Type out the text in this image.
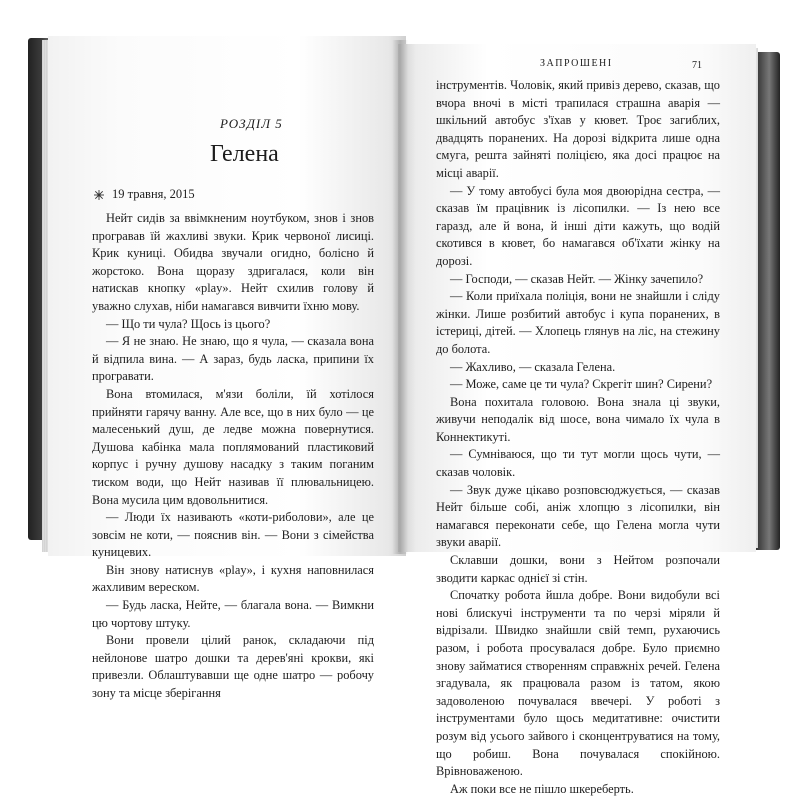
РОЗДІЛ 5
Гелена
19 травня, 2015

Нейт сидів за ввімкненим ноутбуком, знов і знов програвав їй жахливі звуки. Крик червоної лисиці. Крик куниці. Обидва звучали огидно, болісно й жорстоко. Вона щоразу здригалася, коли він натискав кнопку «play». Нейт схилив голову й уважно слухав, ніби намагався вивчити їхню мову.

— Що ти чула? Щось із цього?

— Я не знаю. Не знаю, що я чула, — сказала вона й відпила вина. — А зараз, будь ласка, припини їх програвати.

Вона втомилася, м'язи боліли, їй хотілося прийняти гарячу ванну. Але все, що в них було — це малесенький душ, де ледве можна повернутися. Душова кабінка мала поплямований пластиковий корпус і ручну душову насадку з таким поганим тиском води, що Нейт називав її плювальницею. Вона мусила цим вдовольнитися.

— Люди їх називають «коти-риболови», але це зовсім не коти, — пояснив він. — Вони з сімейства куницевих.

Він знову натиснув «play», і кухня наповнилася жахливим вереском.

— Будь ласка, Нейте, — благала вона. — Вимкни цю чортову штуку.

Вони провели цілий ранок, складаючи під нейлонове шатро дошки та дерев'яні крокви, які привезли. Облаштувавши ще одне шатро — робочу зону та місце зберігання

ЗАПРОШЕНІ	71

інструментів. Чоловік, який привіз дерево, сказав, що вчора вночі в місті трапилася страшна аварія — шкільний автобус з'їхав у кювет. Троє загиблих, двадцять поранених. На дорозі відкрита лише одна смуга, решта зайняті поліцією, яка досі працює на місці аварії.

— У тому автобусі була моя двоюрідна сестра, — сказав їм працівник із лісопилки. — Із нею все гаразд, але й вона, й інші діти кажуть, що водій скотився в кювет, бо намагався об'їхати жінку на дорозі.

— Господи, — сказав Нейт. — Жінку зачепило?

— Коли приїхала поліція, вони не знайшли і сліду жінки. Лише розбитий автобус і купа поранених, в істериці, дітей. — Хлопець глянув на ліс, на стежину до болота.

— Жахливо, — сказала Гелена.

— Може, саме це ти чула? Скрегіт шин? Сирени?

Вона похитала головою. Вона знала ці звуки, живучи неподалік від шосе, вона чимало їх чула в Коннектикуті.

— Сумніваюся, що ти тут могли щось чути, — сказав чоловік.

— Звук дуже цікаво розповсюджується, — сказав Нейт більше собі, аніж хлопцю з лісопилки, він намагався переконати себе, що Гелена могла чути звуки аварії.

Склавши дошки, вони з Нейтом розпочали зводити каркас однієї зі стін.

Спочатку робота йшла добре. Вони видобули всі нові блискучі інструменти та по черзі міряли й відрізали. Швидко знайшли свій темп, рухаючись разом, і робота просувалася добре. Було приємно знову займатися створенням справжніх речей. Гелена згадувала, як працювала разом із татом, якою задоволеною почувалася ввечері. У роботі з інструментами було щось медитативне: очистити розум від усього зайвого і сконцентруватися на тому, що робиш. Вона почувалася спокійною. Врівноваженою.

Аж поки все не пішло шкереберть.
